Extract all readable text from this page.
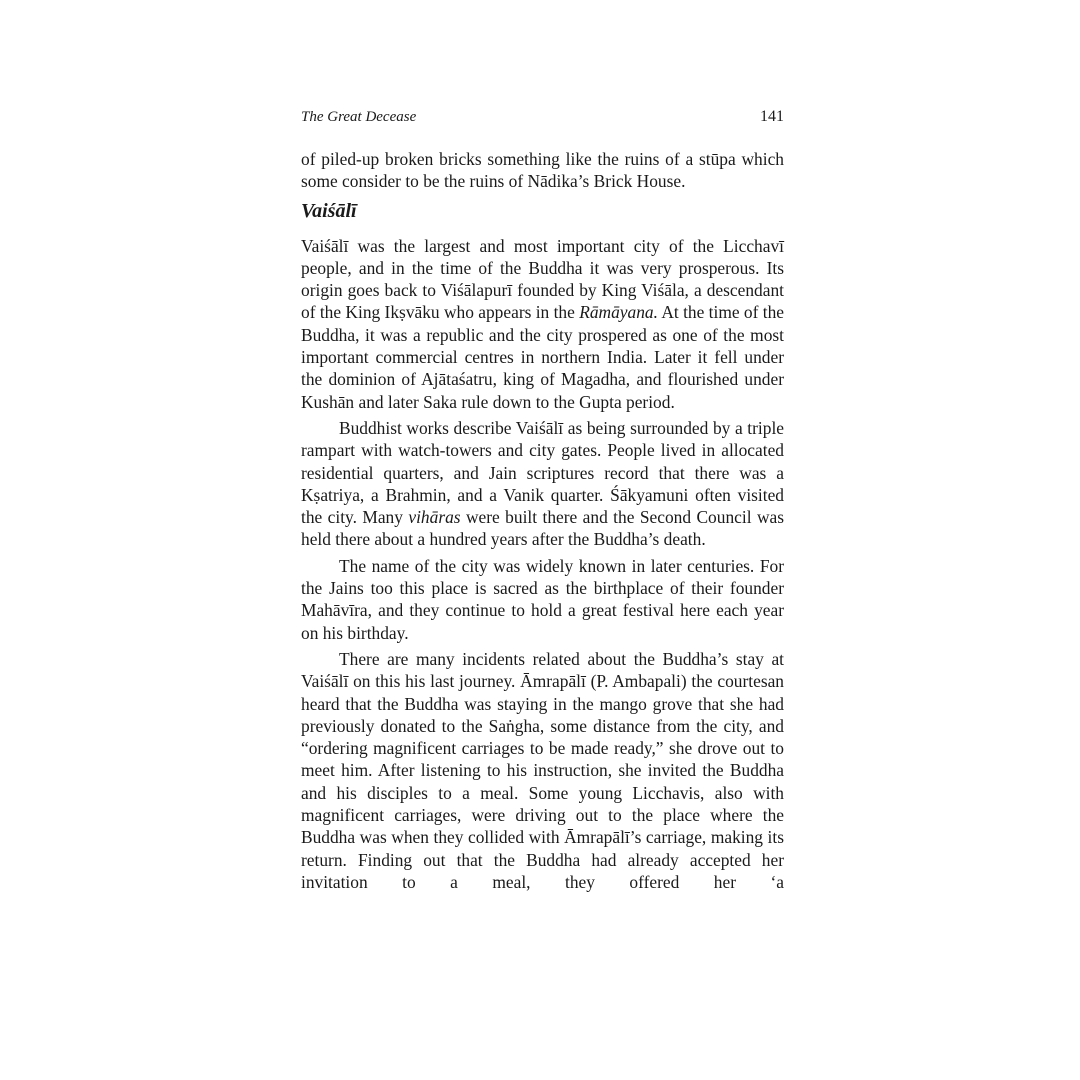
The Great Decease	141

of piled-up broken bricks something like the ruins of a stūpa which some consider to be the ruins of Nādika’s Brick House.

Vaiśālī

Vaiśālī was the largest and most important city of the Licchavī people, and in the time of the Buddha it was very prosperous. Its origin goes back to Viśālapurī founded by King Viśāla, a descendant of the King Ikṣvāku who appears in the Rāmāyana. At the time of the Buddha, it was a republic and the city prospered as one of the most important commercial centres in northern India. Later it fell under the dominion of Ajātaśatru, king of Magadha, and flourished under Kushān and later Saka rule down to the Gupta period.

Buddhist works describe Vaiśālī as being surrounded by a triple rampart with watch-towers and city gates. People lived in allocated residential quarters, and Jain scriptures record that there was a Kṣatriya, a Brahmin, and a Vanik quarter. Śākyamuni often visited the city. Many vihāras were built there and the Second Council was held there about a hundred years after the Buddha’s death.

The name of the city was widely known in later centuries. For the Jains too this place is sacred as the birthplace of their founder Mahāvīra, and they continue to hold a great festival here each year on his birthday.

There are many incidents related about the Buddha’s stay at Vaiśālī on this his last journey. Āmrapālī (P. Ambapali) the courtesan heard that the Buddha was staying in the mango grove that she had previously donated to the Saṅgha, some distance from the city, and “ordering magnificent carriages to be made ready,” she drove out to meet him. After listening to his instruction, she invited the Buddha and his disciples to a meal. Some young Licchavis, also with magnificent carriages, were driving out to the place where the Buddha was when they collided with Āmrapālī’s carriage, making its return. Finding out that the Buddha had already accepted her invitation to a meal, they offered her ‘a
